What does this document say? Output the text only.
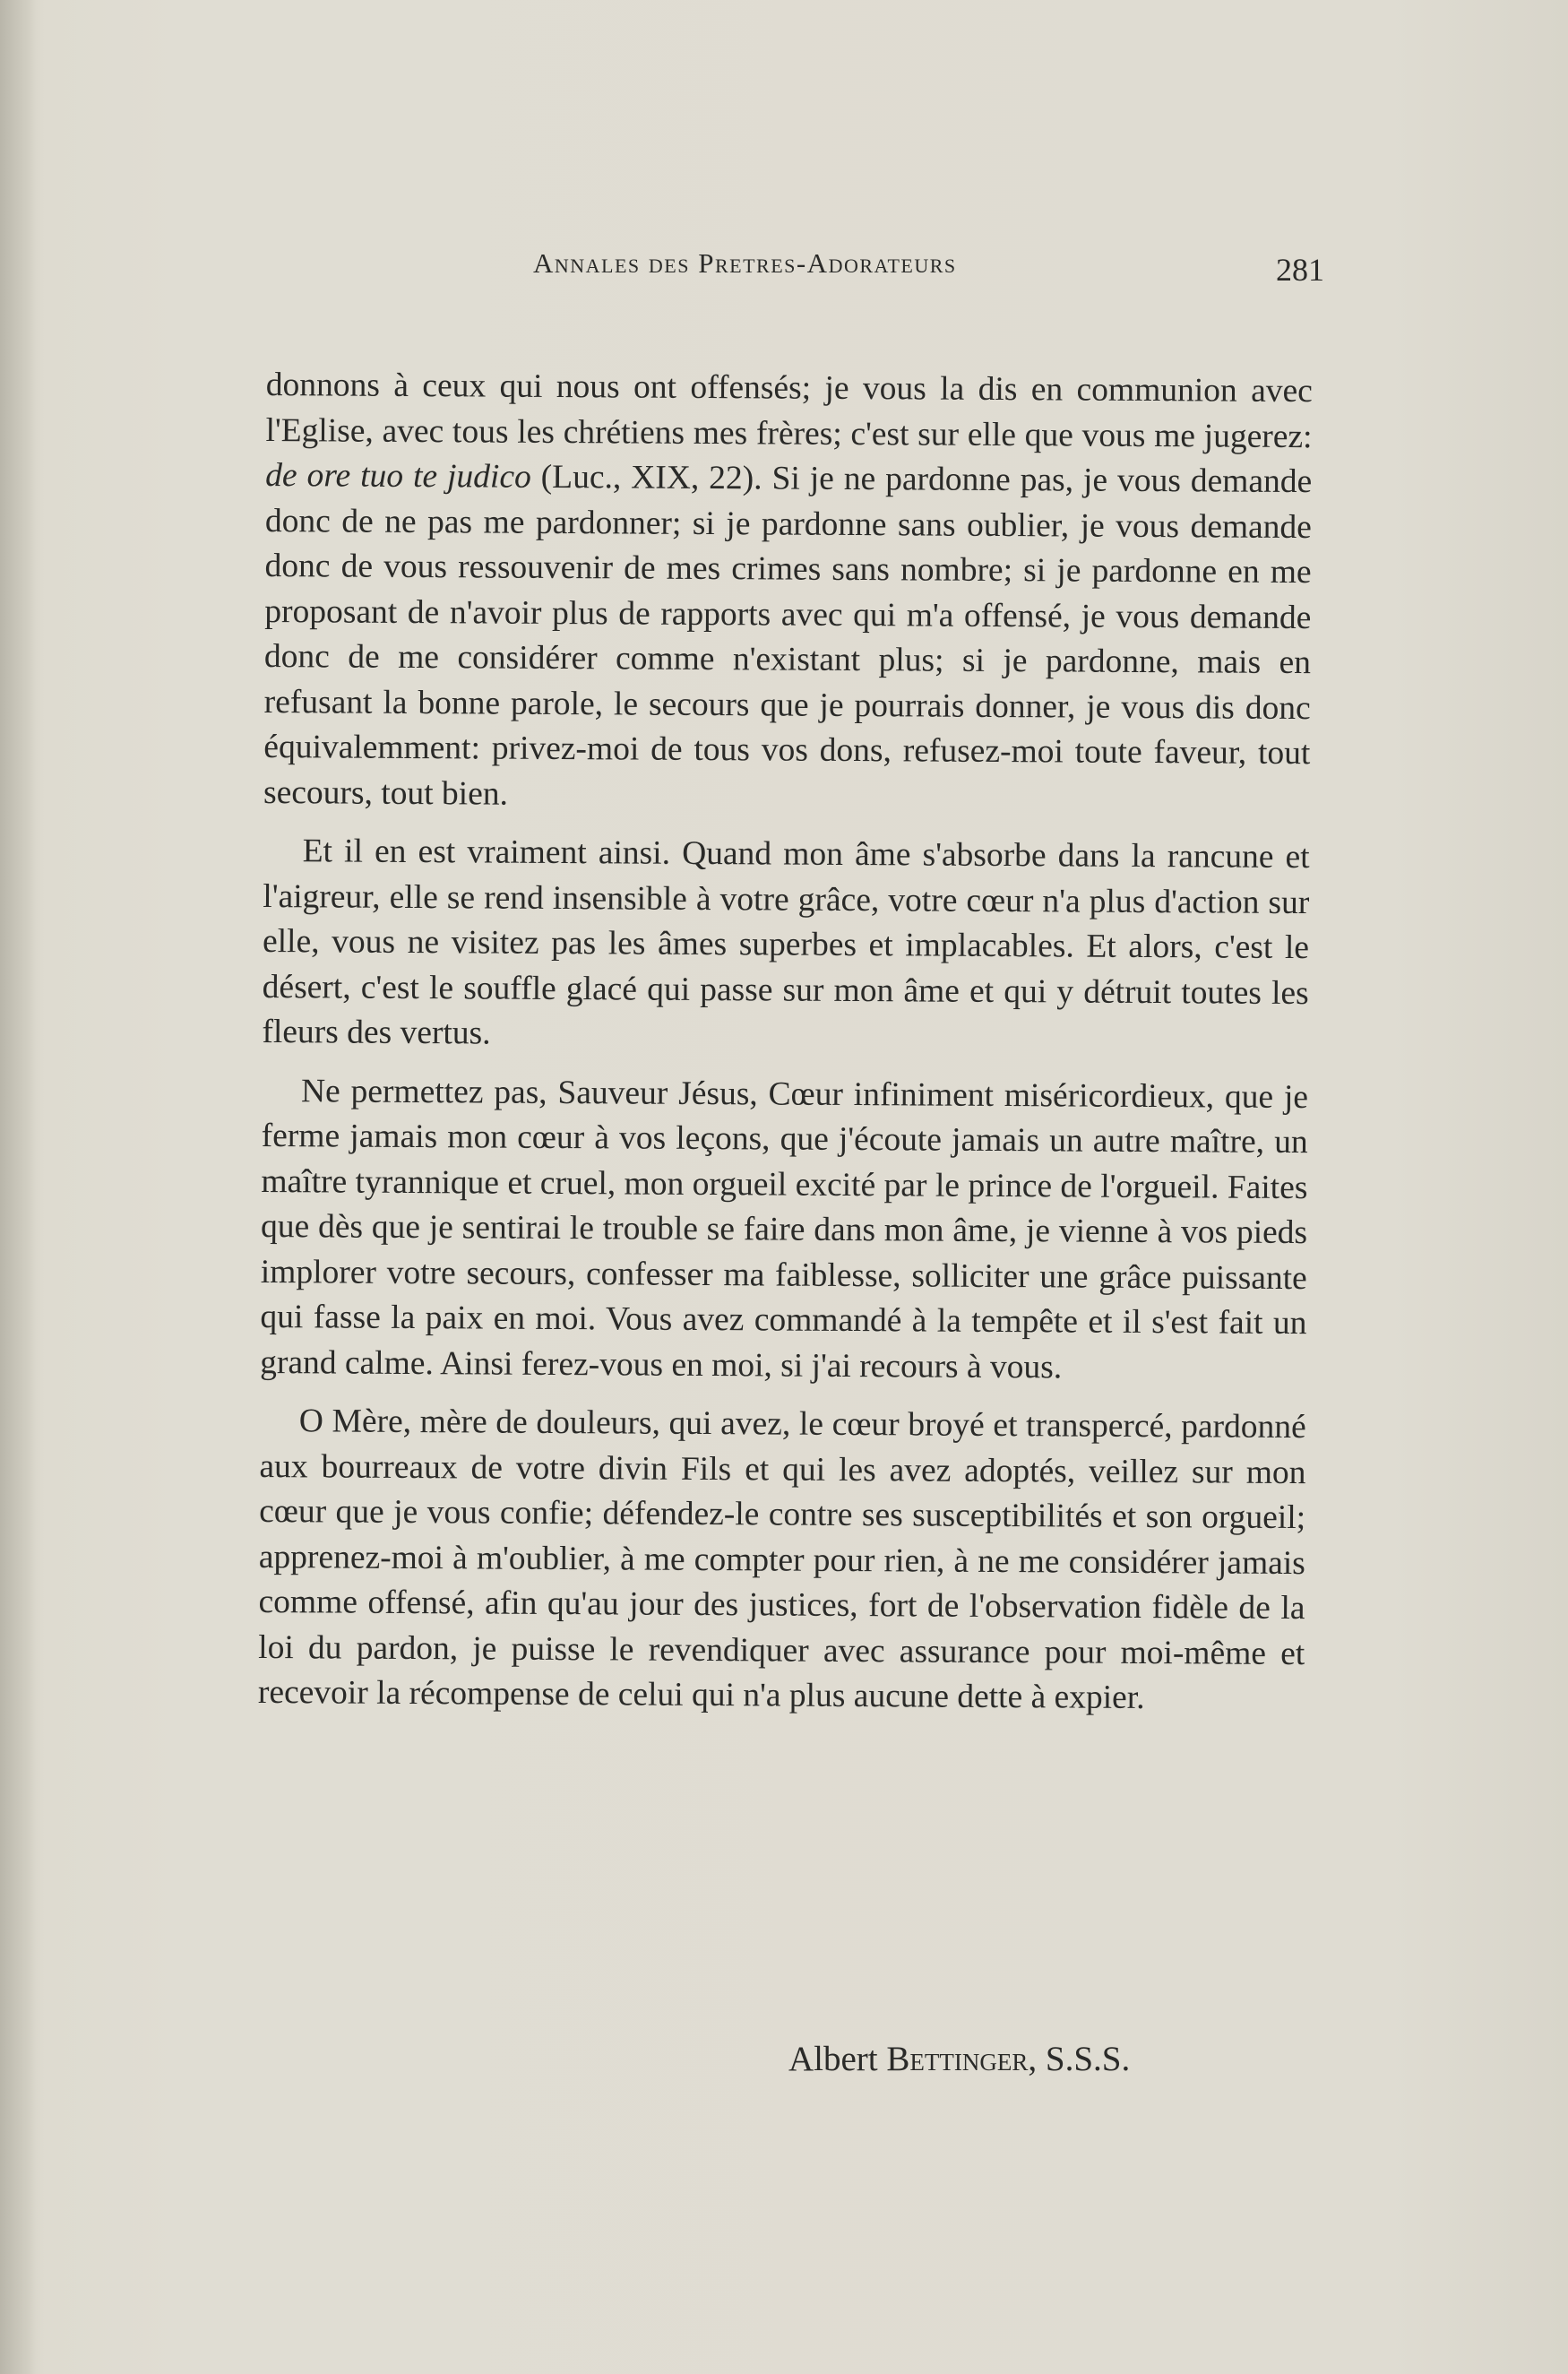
Annales des Pretres-Adorateurs	281

donnons à ceux qui nous ont offensés; je vous la dis en communion avec l'Eglise, avec tous les chrétiens mes frères; c'est sur elle que vous me jugerez: de ore tuo te judico (Luc., XIX, 22). Si je ne pardonne pas, je vous demande donc de ne pas me pardonner; si je pardonne sans oublier, je vous demande donc de vous ressouvenir de mes crimes sans nombre; si je pardonne en me proposant de n'avoir plus de rapports avec qui m'a offensé, je vous demande donc de me considérer comme n'existant plus; si je pardonne, mais en refusant la bonne parole, le secours que je pourrais donner, je vous dis donc équivalemment: privez-moi de tous vos dons, refusez-moi toute faveur, tout secours, tout bien.

Et il en est vraiment ainsi. Quand mon âme s'absorbe dans la rancune et l'aigreur, elle se rend insensible à votre grâce, votre cœur n'a plus d'action sur elle, vous ne visitez pas les âmes superbes et implacables. Et alors, c'est le désert, c'est le souffle glacé qui passe sur mon âme et qui y détruit toutes les fleurs des vertus.

Ne permettez pas, Sauveur Jésus, Cœur infiniment miséricordieux, que je ferme jamais mon cœur à vos leçons, que j'écoute jamais un autre maître, un maître tyrannique et cruel, mon orgueil excité par le prince de l'orgueil. Faites que dès que je sentirai le trouble se faire dans mon âme, je vienne à vos pieds implorer votre secours, confesser ma faiblesse, solliciter une grâce puissante qui fasse la paix en moi. Vous avez commandé à la tempête et il s'est fait un grand calme. Ainsi ferez-vous en moi, si j'ai recours à vous.

O Mère, mère de douleurs, qui avez, le cœur broyé et transpercé, pardonné aux bourreaux de votre divin Fils et qui les avez adoptés, veillez sur mon cœur que je vous confie; défendez-le contre ses susceptibilités et son orgueil; apprenez-moi à m'oublier, à me compter pour rien, à ne me considérer jamais comme offensé, afin qu'au jour des justices, fort de l'observation fidèle de la loi du pardon, je puisse le revendiquer avec assurance pour moi-même et recevoir la récompense de celui qui n'a plus aucune dette à expier.

Albert Bettinger, S.S.S.
